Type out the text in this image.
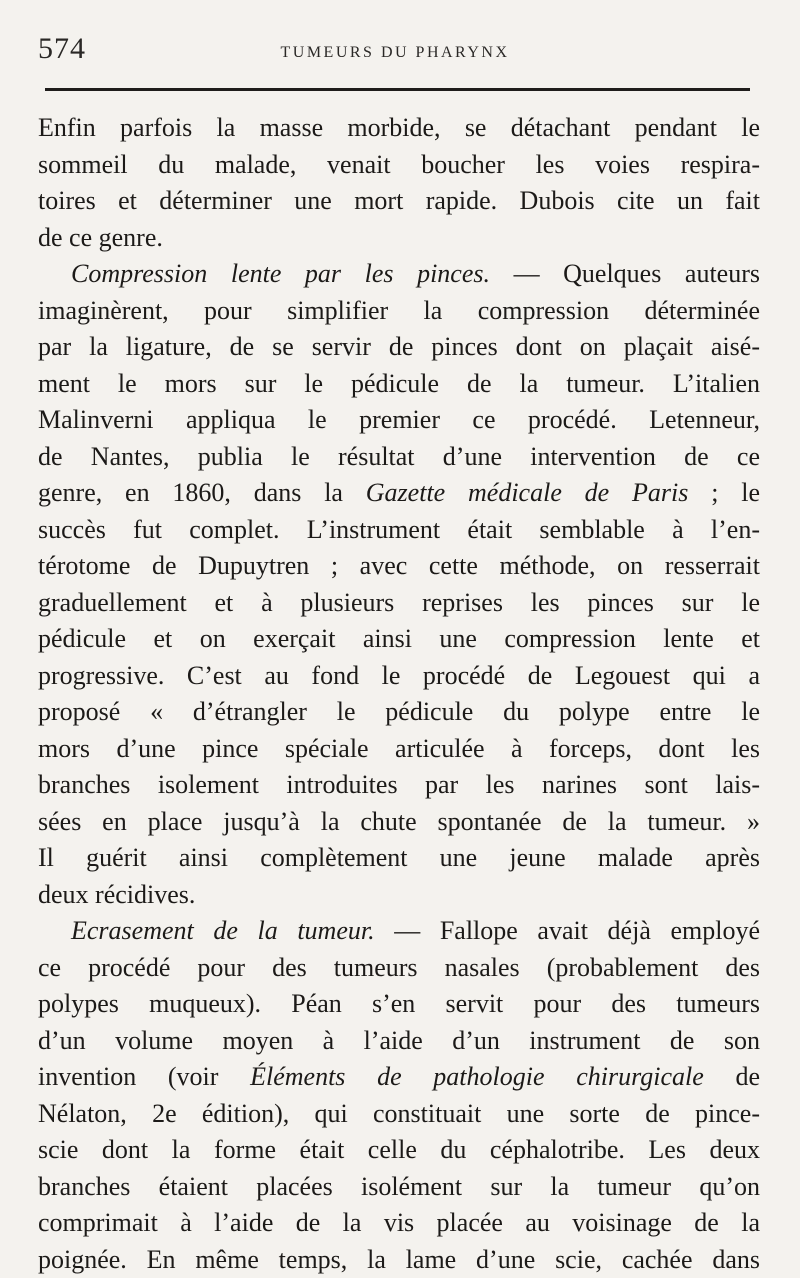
574	TUMEURS DU PHARYNX
Enfin parfois la masse morbide, se détachant pendant le
sommeil du malade, venait boucher les voies respira-
toires et déterminer une mort rapide. Dubois cite un fait
de ce genre.
Compression lente par les pinces. — Quelques auteurs
imaginèrent, pour simplifier la compression déterminée
par la ligature, de se servir de pinces dont on plaçait aisé-
ment le mors sur le pédicule de la tumeur. L’italien
Malinverni appliqua le premier ce procédé. Letenneur,
de Nantes, publia le résultat d’une intervention de ce
genre, en 1860, dans la Gazette médicale de Paris ; le
succès fut complet. L’instrument était semblable à l’en-
térotome de Dupuytren ; avec cette méthode, on resserrait
graduellement et à plusieurs reprises les pinces sur le
pédicule et on exerçait ainsi une compression lente et
progressive. C’est au fond le procédé de Legouest qui a
proposé « d’étrangler le pédicule du polype entre le
mors d’une pince spéciale articulée à forceps, dont les
branches isolement introduites par les narines sont lais-
sées en place jusqu’à la chute spontanée de la tumeur. »
Il guérit ainsi complètement une jeune malade après
deux récidives.
Ecrasement de la tumeur. — Fallope avait déjà employé
ce procédé pour des tumeurs nasales (probablement des
polypes muqueux). Péan s’en servit pour des tumeurs
d’un volume moyen à l’aide d’un instrument de son
invention (voir Éléments de pathologie chirurgicale de
Nélaton, 2e édition), qui constituait une sorte de pince-
scie dont la forme était celle du céphalotribe. Les deux
branches étaient placées isolément sur la tumeur qu’on
comprimait à l’aide de la vis placée au voisinage de la
poignée. En même temps, la lame d’une scie, cachée dans
